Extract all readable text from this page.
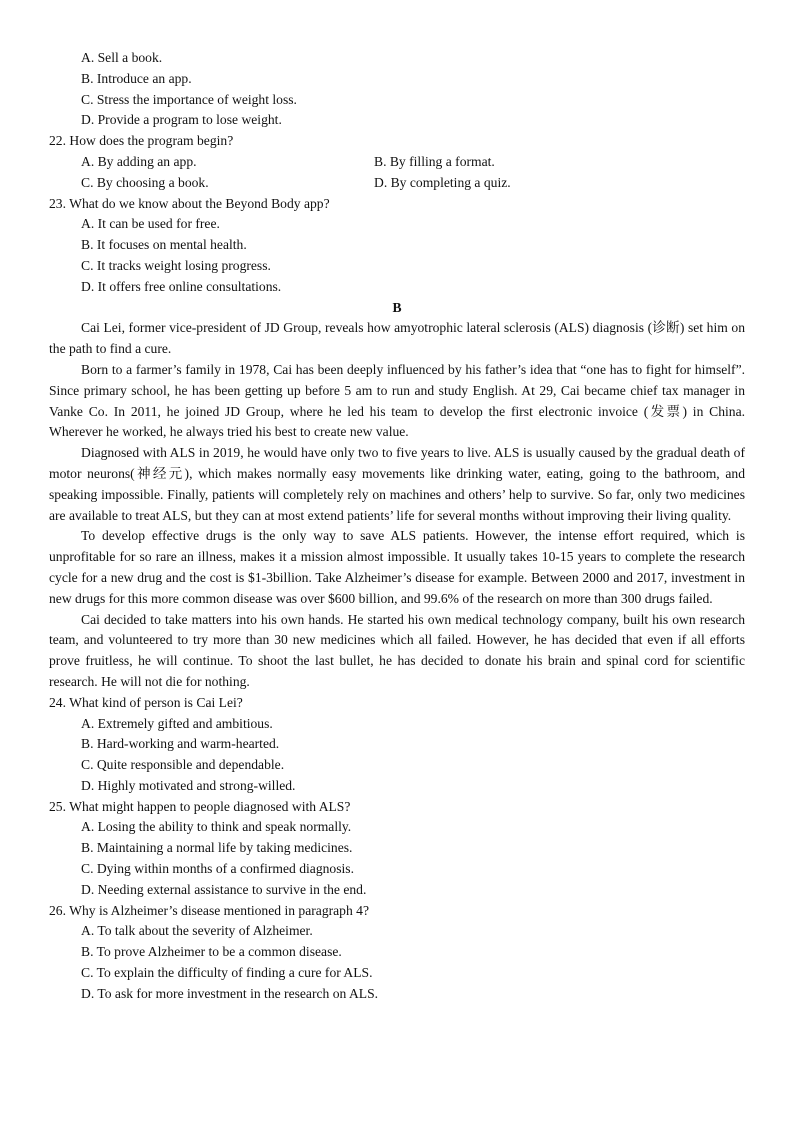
A. Sell a book.
B. Introduce an app.
C. Stress the importance of weight loss.
D. Provide a program to lose weight.
22. How does the program begin?
A. By adding an app.	B. By filling a format.
C. By choosing a book.	D. By completing a quiz.
23. What do we know about the Beyond Body app?
A. It can be used for free.
B. It focuses on mental health.
C. It tracks weight losing progress.
D. It offers free online consultations.
B

Cai Lei, former vice-president of JD Group, reveals how amyotrophic lateral sclerosis (ALS) diagnosis (诊断) set him on the path to find a cure.

Born to a farmer’s family in 1978, Cai has been deeply influenced by his father’s idea that “one has to fight for himself”. Since primary school, he has been getting up before 5 am to run and study English. At 29, Cai became chief tax manager in Vanke Co. In 2011, he joined JD Group, where he led his team to develop the first electronic invoice (发票) in China. Wherever he worked, he always tried his best to create new value.

Diagnosed with ALS in 2019, he would have only two to five years to live. ALS is usually caused by the gradual death of motor neurons(神经元), which makes normally easy movements like drinking water, eating, going to the bathroom, and speaking impossible. Finally, patients will completely rely on machines and others’ help to survive. So far, only two medicines are available to treat ALS, but they can at most extend patients’ life for several months without improving their living quality.

To develop effective drugs is the only way to save ALS patients. However, the intense effort required, which is unprofitable for so rare an illness, makes it a mission almost impossible. It usually takes 10-15 years to complete the research cycle for a new drug and the cost is $1-3billion. Take Alzheimer’s disease for example. Between 2000 and 2017, investment in new drugs for this more common disease was over $600 billion, and 99.6% of the research on more than 300 drugs failed.

Cai decided to take matters into his own hands. He started his own medical technology company, built his own research team, and volunteered to try more than 30 new medicines which all failed. However, he has decided that even if all efforts prove fruitless, he will continue. To shoot the last bullet, he has decided to donate his brain and spinal cord for scientific research. He will not die for nothing.

24. What kind of person is Cai Lei?
A. Extremely gifted and ambitious.
B. Hard-working and warm-hearted.
C. Quite responsible and dependable.
D. Highly motivated and strong-willed.
25. What might happen to people diagnosed with ALS?
A. Losing the ability to think and speak normally.
B. Maintaining a normal life by taking medicines.
C. Dying within months of a confirmed diagnosis.
D. Needing external assistance to survive in the end.
26. Why is Alzheimer’s disease mentioned in paragraph 4?
A. To talk about the severity of Alzheimer.
B. To prove Alzheimer to be a common disease.
C. To explain the difficulty of finding a cure for ALS.
D. To ask for more investment in the research on ALS.
